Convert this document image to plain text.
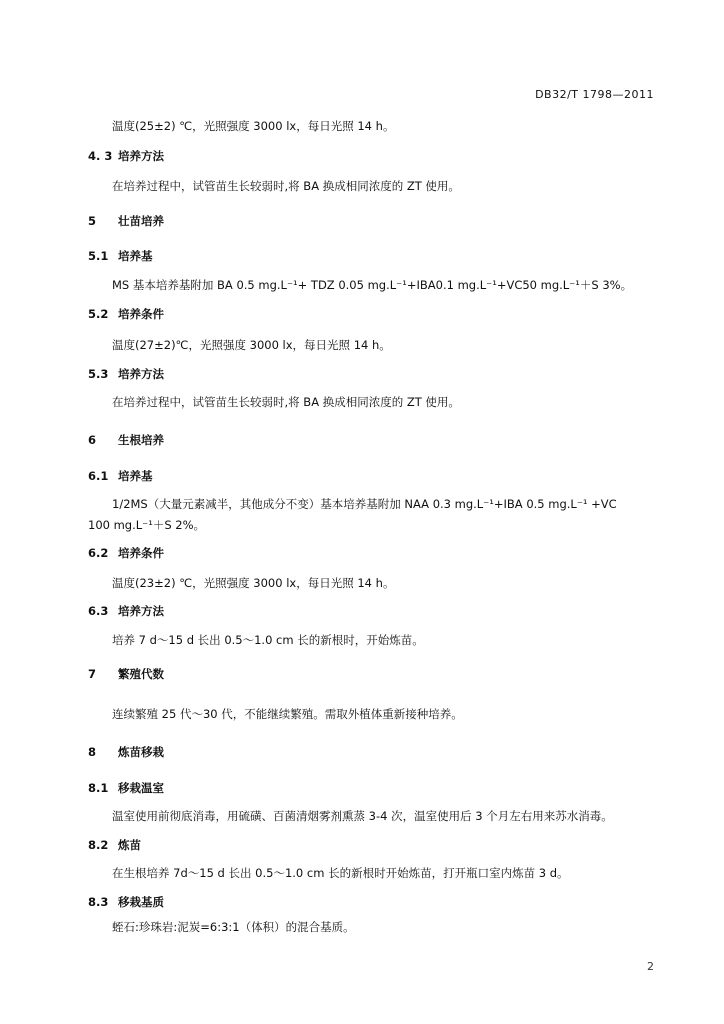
DB32/T 1798—2011
温度(25±2) ℃，光照强度 3000 lx，每日光照 14 h。
4. 3 培养方法
在培养过程中，试管苗生长较弱时,将 BA 换成相同浓度的 ZT 使用。
5 壮苗培养
5.1 培养基
MS 基本培养基附加 BA 0.5 mg.L⁻¹+ TDZ 0.05 mg.L⁻¹+IBA0.1 mg.L⁻¹+VC50 mg.L⁻¹＋S 3%。
5.2 培养条件
温度(27±2)℃，光照强度 3000 lx，每日光照 14 h。
5.3 培养方法
在培养过程中，试管苗生长较弱时,将 BA 换成相同浓度的 ZT 使用。
6 生根培养
6.1 培养基
1/2MS（大量元素减半，其他成分不变）基本培养基附加 NAA 0.3 mg.L⁻¹+IBA 0.5 mg.L⁻¹ +VC
100 mg.L⁻¹＋S 2%。
6.2 培养条件
温度(23±2) ℃，光照强度 3000 lx，每日光照 14 h。
6.3 培养方法
培养 7 d～15 d 长出 0.5～1.0 cm 长的新根时，开始炼苗。
7 繁殖代数
连续繁殖 25 代～30 代，不能继续繁殖。需取外植体重新接种培养。
8 炼苗移栽
8.1 移栽温室
温室使用前彻底消毒，用硫磺、百菌清烟雾剂熏蒸 3-4 次，温室使用后 3 个月左右用来苏水消毒。
8.2 炼苗
在生根培养 7d～15 d 长出 0.5～1.0 cm 长的新根时开始炼苗，打开瓶口室内炼苗 3 d。
8.3 移栽基质
蛭石:珍珠岩:泥炭=6:3:1（体积）的混合基质。
2
